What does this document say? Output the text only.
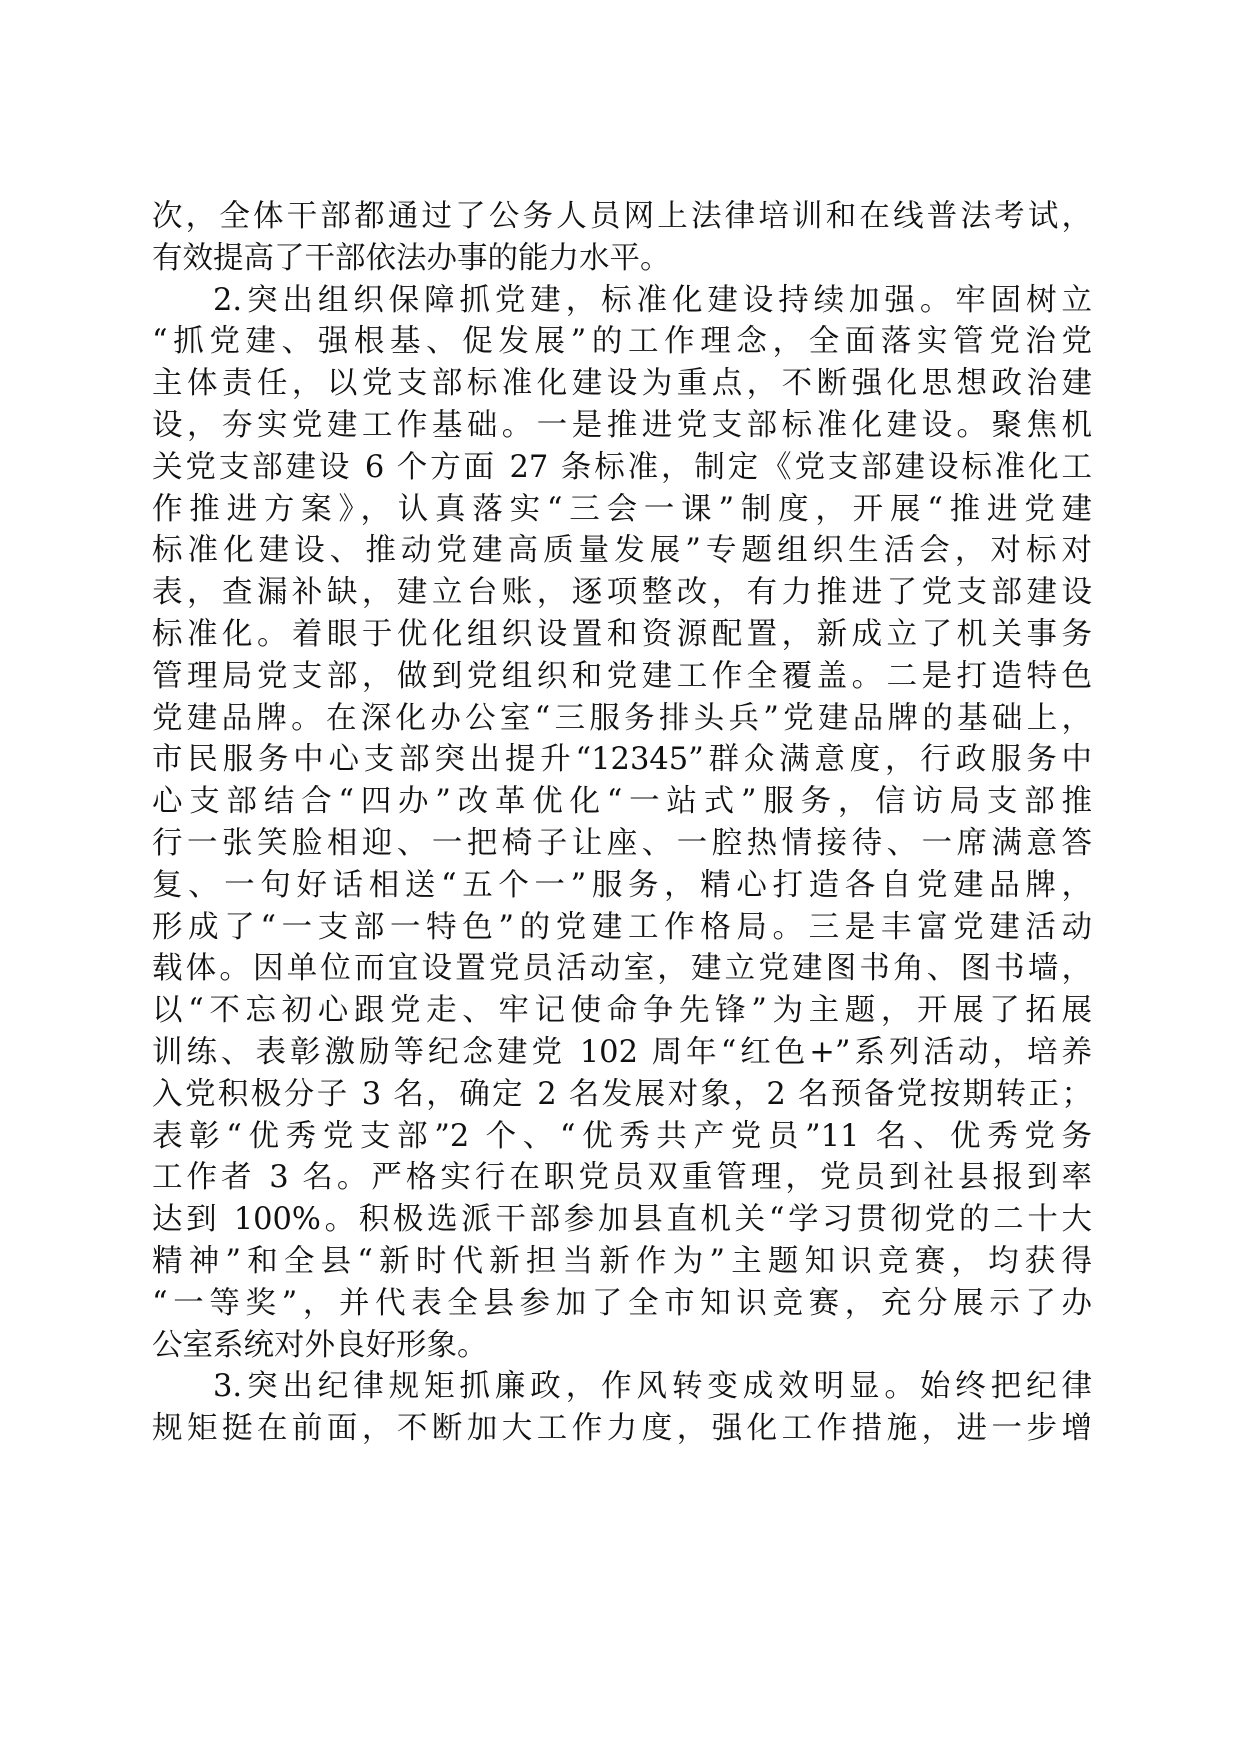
次，全体干部都通过了公务人员网上法律培训和在线普法考试，
有效提高了干部依法办事的能力水平。
2.突出组织保障抓党建，标准化建设持续加强。牢固树立
“抓党建、强根基、促发展”的工作理念，全面落实管党治党
主体责任，以党支部标准化建设为重点，不断强化思想政治建
设，夯实党建工作基础。一是推进党支部标准化建设。聚焦机
关党支部建设 6 个方面 27 条标准，制定《党支部建设标准化工
作推进方案》，认真落实“三会一课”制度，开展“推进党建
标准化建设、推动党建高质量发展”专题组织生活会，对标对
表，查漏补缺，建立台账，逐项整改，有力推进了党支部建设
标准化。着眼于优化组织设置和资源配置，新成立了机关事务
管理局党支部，做到党组织和党建工作全覆盖。二是打造特色
党建品牌。在深化办公室“三服务排头兵”党建品牌的基础上，
市民服务中心支部突出提升“12345”群众满意度，行政服务中
心支部结合“四办”改革优化“一站式”服务，信访局支部推
行一张笑脸相迎、一把椅子让座、一腔热情接待、一席满意答
复、一句好话相送“五个一”服务，精心打造各自党建品牌，
形成了“一支部一特色”的党建工作格局。三是丰富党建活动
载体。因单位而宜设置党员活动室，建立党建图书角、图书墙，
以“不忘初心跟党走、牢记使命争先锋”为主题，开展了拓展
训练、表彰激励等纪念建党 102 周年“红色+”系列活动，培养
入党积极分子 3 名，确定 2 名发展对象，2 名预备党按期转正；
表彰“优秀党支部”2 个、“优秀共产党员”11 名、优秀党务
工作者 3 名。严格实行在职党员双重管理，党员到社县报到率
达到 100%。积极选派干部参加县直机关“学习贯彻党的二十大
精神”和全县“新时代新担当新作为”主题知识竞赛，均获得
“一等奖”，并代表全县参加了全市知识竞赛，充分展示了办
公室系统对外良好形象。
3.突出纪律规矩抓廉政，作风转变成效明显。始终把纪律
规矩挺在前面，不断加大工作力度，强化工作措施，进一步增
